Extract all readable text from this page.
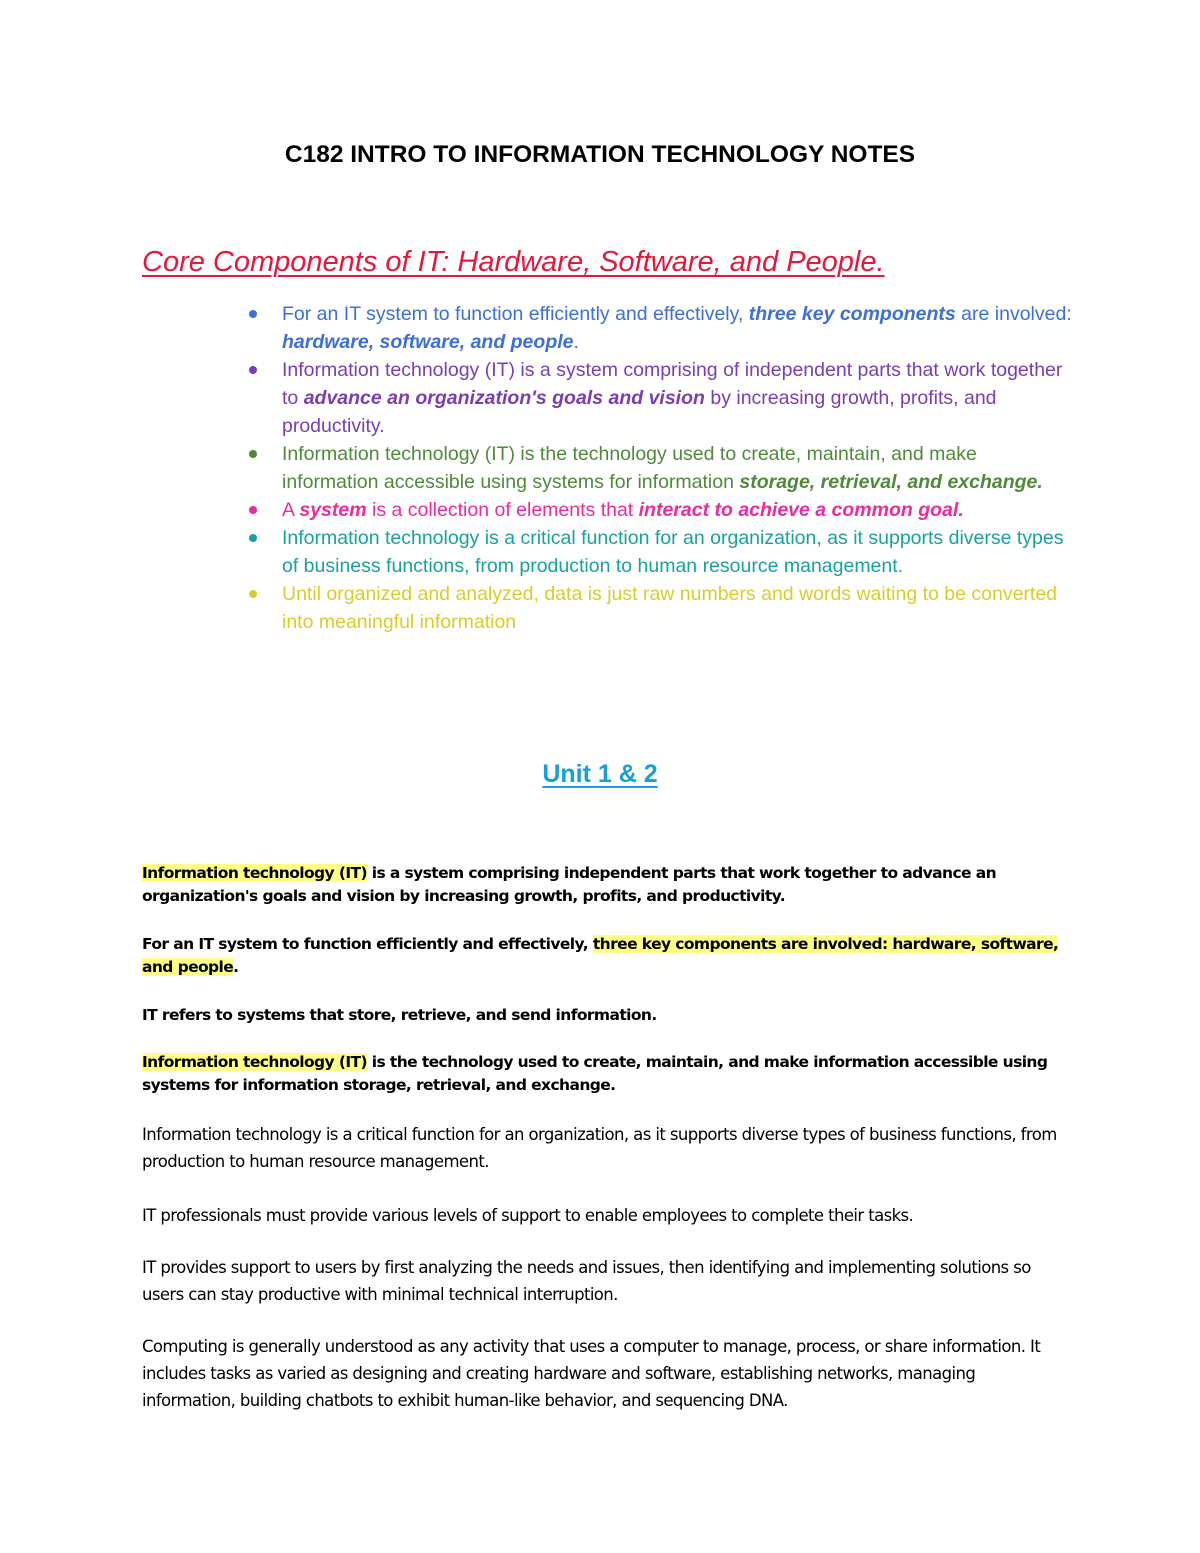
C182 INTRO TO INFORMATION TECHNOLOGY NOTES
Core Components of IT: Hardware, Software, and People.
For an IT system to function efficiently and effectively, three key components are involved: hardware, software, and people.
Information technology (IT) is a system comprising of independent parts that work together to advance an organization's goals and vision by increasing growth, profits, and productivity.
Information technology (IT) is the technology used to create, maintain, and make information accessible using systems for information storage, retrieval, and exchange.
A system is a collection of elements that interact to achieve a common goal.
Information technology is a critical function for an organization, as it supports diverse types of business functions, from production to human resource management.
Until organized and analyzed, data is just raw numbers and words waiting to be converted into meaningful information
Unit 1 & 2

Information technology (IT) is a system comprising independent parts that work together to advance an organization's goals and vision by increasing growth, profits, and productivity.

For an IT system to function efficiently and effectively, three key components are involved: hardware, software, and people.

IT refers to systems that store, retrieve, and send information.

Information technology (IT) is the technology used to create, maintain, and make information accessible using systems for information storage, retrieval, and exchange.

Information technology is a critical function for an organization, as it supports diverse types of business functions, from production to human resource management.

IT professionals must provide various levels of support to enable employees to complete their tasks.

IT provides support to users by first analyzing the needs and issues, then identifying and implementing solutions so users can stay productive with minimal technical interruption.

Computing is generally understood as any activity that uses a computer to manage, process, or share information. It includes tasks as varied as designing and creating hardware and software, establishing networks, managing information, building chatbots to exhibit human-like behavior, and sequencing DNA.
